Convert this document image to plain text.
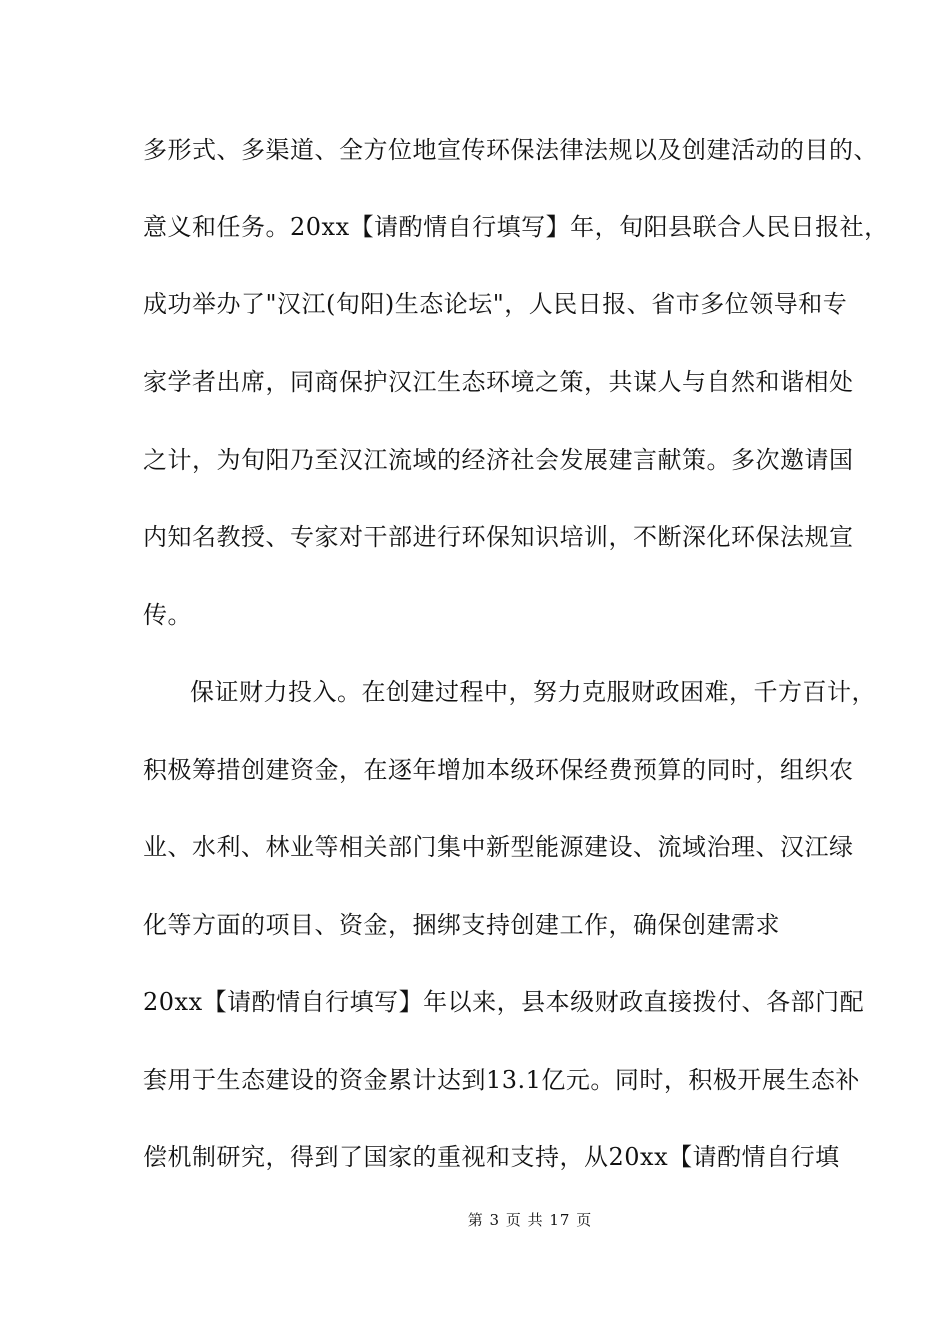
多形式、多渠道、全方位地宣传环保法律法规以及创建活动的目的、
意义和任务。20xx【请酌情自行填写】年，旬阳县联合人民日报社，
成功举办了"汉江(旬阳)生态论坛"，人民日报、省市多位领导和专
家学者出席，同商保护汉江生态环境之策，共谋人与自然和谐相处
之计，为旬阳乃至汉江流域的经济社会发展建言献策。多次邀请国
内知名教授、专家对干部进行环保知识培训，不断深化环保法规宣
传。
保证财力投入。在创建过程中，努力克服财政困难，千方百计，
积极筹措创建资金，在逐年增加本级环保经费预算的同时，组织农
业、水利、林业等相关部门集中新型能源建设、流域治理、汉江绿
化等方面的项目、资金，捆绑支持创建工作，确保创建需求
20xx【请酌情自行填写】年以来，县本级财政直接拨付、各部门配
套用于生态建设的资金累计达到13.1亿元。同时，积极开展生态补
偿机制研究，得到了国家的重视和支持，从20xx【请酌情自行填
第 3 页 共 17 页
